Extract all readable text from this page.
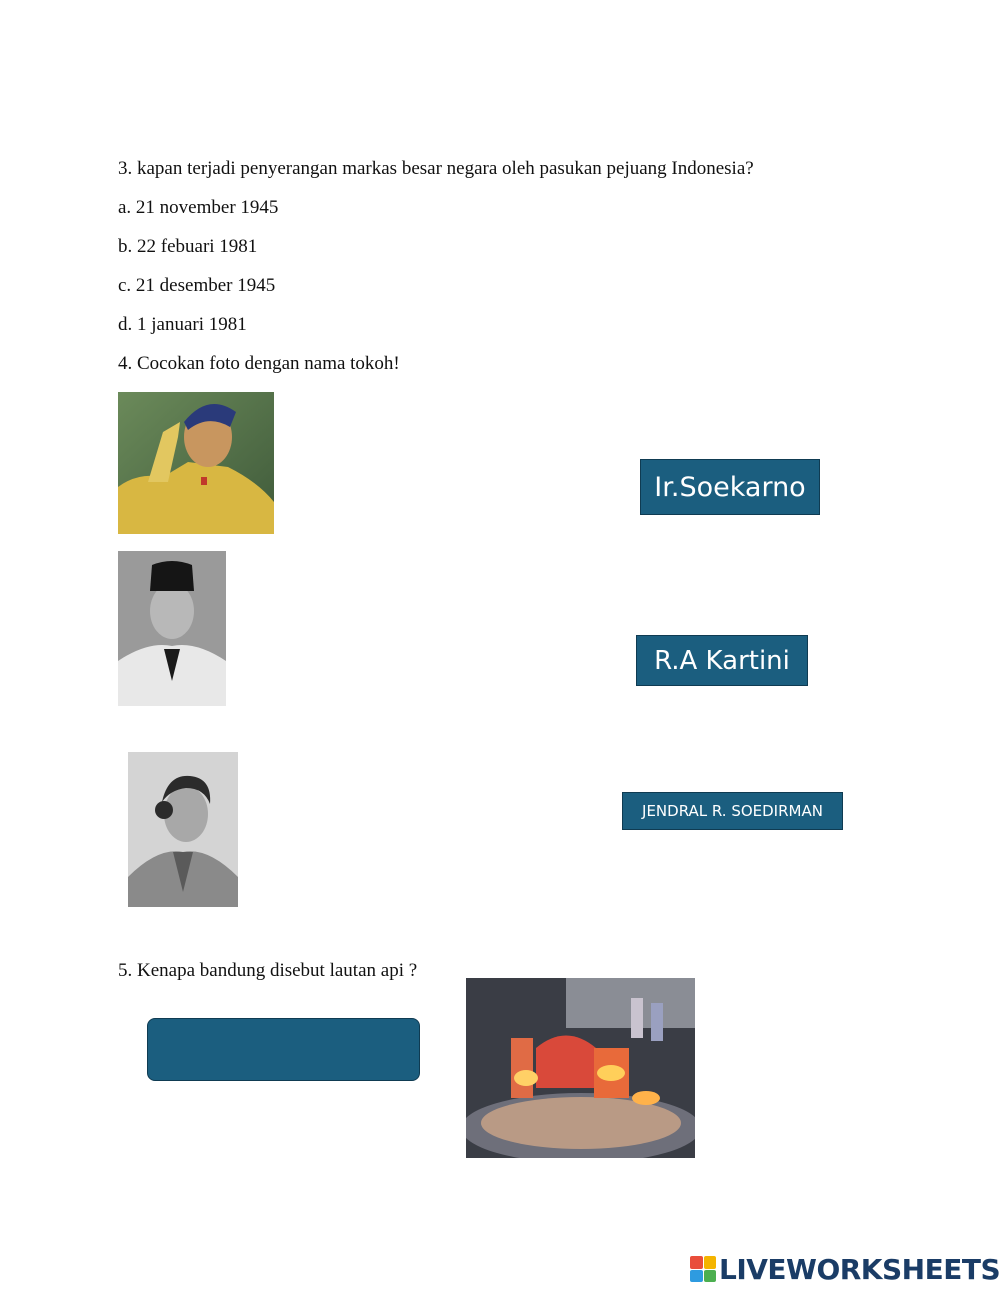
3. kapan terjadi penyerangan markas besar negara oleh pasukan pejuang Indonesia?
a. 21 november 1945
b. 22 febuari 1981
c. 21 desember 1945
d. 1 januari 1981
4. Cocokan foto dengan nama tokoh!
Ir.Soekarno
R.A Kartini
JENDRAL R. SOEDIRMAN
5. Kenapa bandung disebut lautan api ?
LIVEWORKSHEETS
